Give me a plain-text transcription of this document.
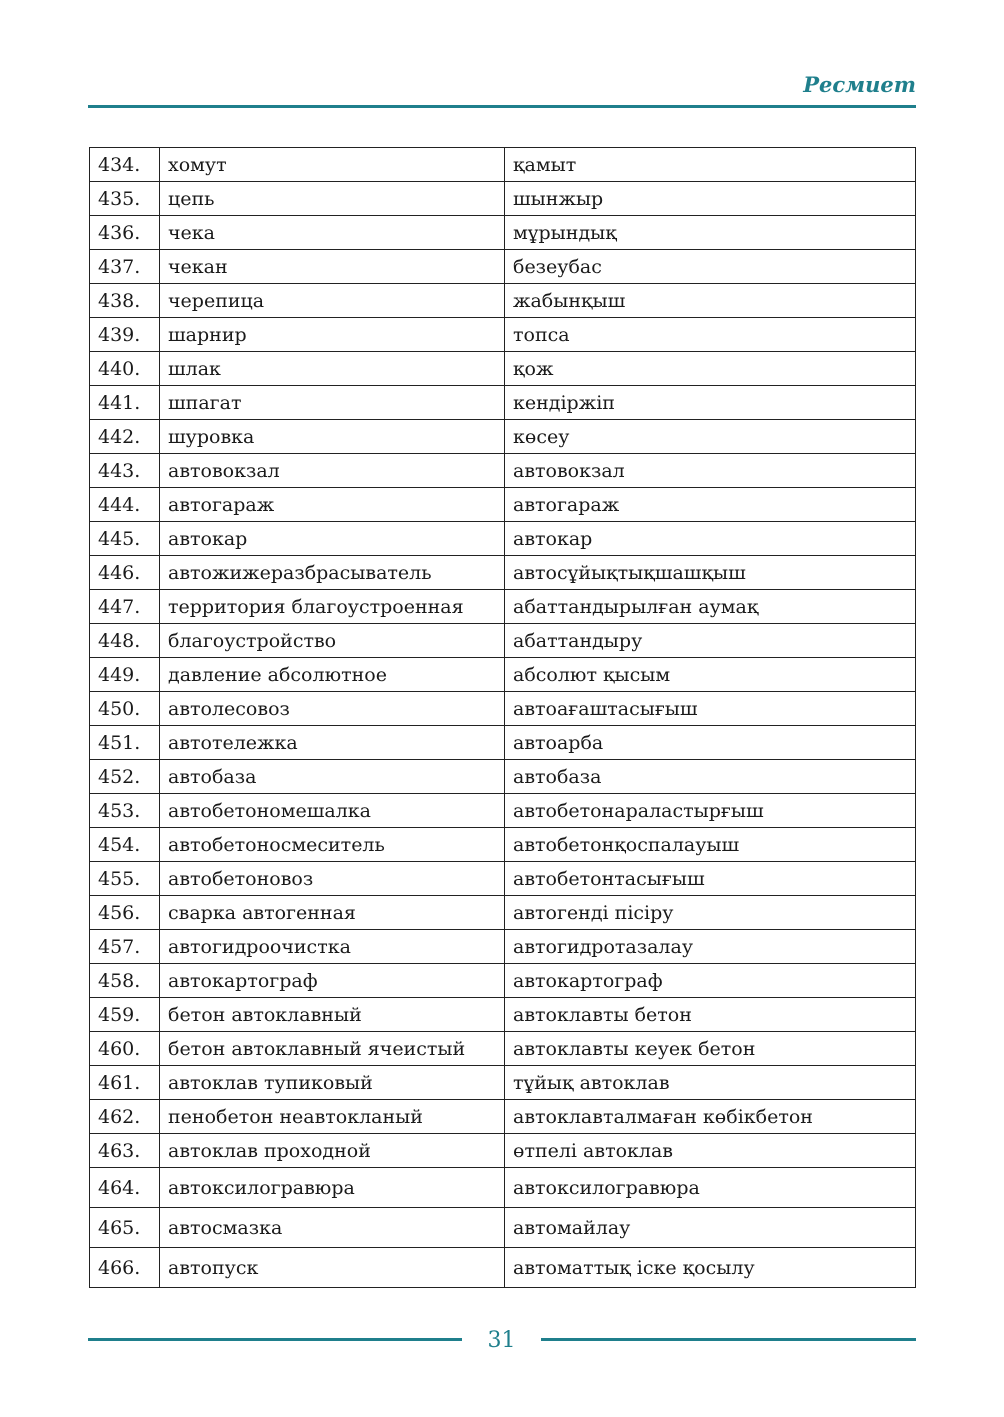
Ресмиет
434.	хомут	қамыт
435.	цепь	шынжыр
436.	чека	мұрындық
437.	чекан	безеубас
438.	черепица	жабынқыш
439.	шарнир	топса
440.	шлак	қож
441.	шпагат	кендіржіп
442.	шуровка	көсеу
443.	автовокзал	автовокзал
444.	автогараж	автогараж
445.	автокар	автокар
446.	автожижеразбрасыватель	автосұйықтықшашқыш
447.	территория благоустроенная	абаттандырылған аумақ
448.	благоустройство	абаттандыру
449.	давление абсолютное	абсолют қысым
450.	автолесовоз	автоағаштасығыш
451.	автотележка	автоарба
452.	автобаза	автобаза
453.	автобетономешалка	автобетонараластырғыш
454.	автобетоносмеситель	автобетонқоспалауыш
455.	автобетоновоз	автобетонтасығыш
456.	сварка автогенная	автогенді пісіру
457.	автогидроочистка	автогидротазалау
458.	автокартограф	автокартограф
459.	бетон автоклавный	автоклавты бетон
460.	бетон автоклавный ячеистый	автоклавты кеуек бетон
461.	автоклав тупиковый	тұйық автоклав
462.	пенобетон неавтокланый	автоклавталмаған көбікбетон
463.	автоклав проходной	өтпелі автоклав
464.	автоксилогравюра	автоксилогравюра
465.	автосмазка	автомайлау
466.	автопуск	автоматтық іске қосылу
31
